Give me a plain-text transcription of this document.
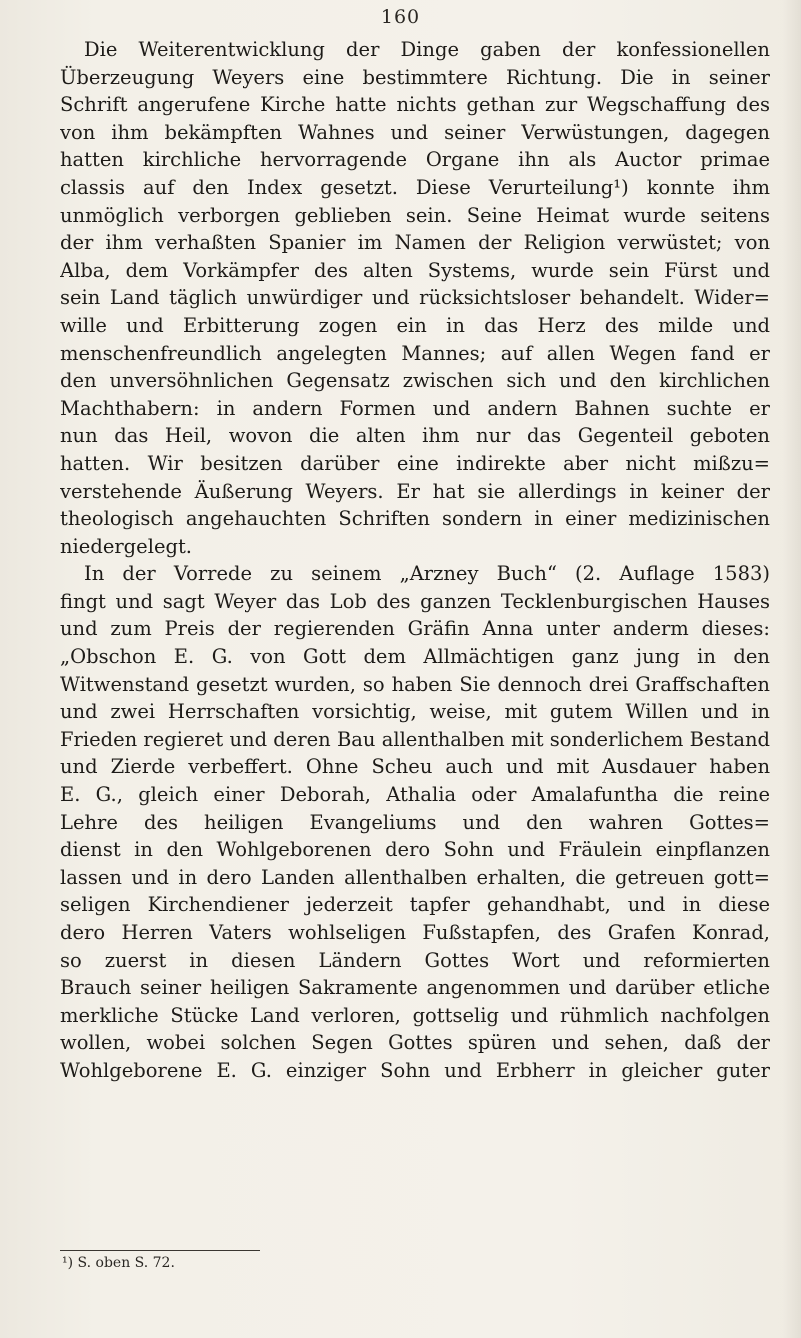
160
Die Weiterentwicklung der Dinge gaben der konfessionellen
Überzeugung Weyers eine bestimmtere Richtung. Die in seiner
Schrift angerufene Kirche hatte nichts gethan zur Wegschaffung des
von ihm bekämpften Wahnes und seiner Verwüstungen, dagegen
hatten kirchliche hervorragende Organe ihn als Auctor primae
classis auf den Index gesetzt. Diese Verurteilung¹) konnte ihm
unmöglich verborgen geblieben sein. Seine Heimat wurde seitens
der ihm verhaßten Spanier im Namen der Religion verwüstet; von
Alba, dem Vorkämpfer des alten Systems, wurde sein Fürst und
sein Land täglich unwürdiger und rücksichtsloser behandelt. Wider=
wille und Erbitterung zogen ein in das Herz des milde und
menschenfreundlich angelegten Mannes; auf allen Wegen fand er
den unversöhnlichen Gegensatz zwischen sich und den kirchlichen
Machthabern: in andern Formen und andern Bahnen suchte er
nun das Heil, wovon die alten ihm nur das Gegenteil geboten
hatten. Wir besitzen darüber eine indirekte aber nicht mißzu=
verstehende Äußerung Weyers. Er hat sie allerdings in keiner der
theologisch angehauchten Schriften sondern in einer medizinischen
niedergelegt.
In der Vorrede zu seinem „Arzney Buch“ (2. Auflage 1583)
fingt und sagt Weyer das Lob des ganzen Tecklenburgischen Hauses
und zum Preis der regierenden Gräfin Anna unter anderm dieses:
„Obschon E. G. von Gott dem Allmächtigen ganz jung in den
Witwenstand gesetzt wurden, so haben Sie dennoch drei Graffschaften
und zwei Herrschaften vorsichtig, weise, mit gutem Willen und in
Frieden regieret und deren Bau allenthalben mit sonderlichem Bestand
und Zierde verbeffert. Ohne Scheu auch und mit Ausdauer haben
E. G., gleich einer Deborah, Athalia oder Amalafuntha die reine
Lehre des heiligen Evangeliums und den wahren Gottes=
dienst in den Wohlgeborenen dero Sohn und Fräulein einpflanzen
lassen und in dero Landen allenthalben erhalten, die getreuen gott=
seligen Kirchendiener jederzeit tapfer gehandhabt, und in diese
dero Herren Vaters wohlseligen Fußstapfen, des Grafen Konrad,
so zuerst in diesen Ländern Gottes Wort und reformierten
Brauch seiner heiligen Sakramente angenommen und darüber etliche
merkliche Stücke Land verloren, gottselig und rühmlich nachfolgen
wollen, wobei solchen Segen Gottes spüren und sehen, daß der
Wohlgeborene E. G. einziger Sohn und Erbherr in gleicher guter
¹) S. oben S. 72.
